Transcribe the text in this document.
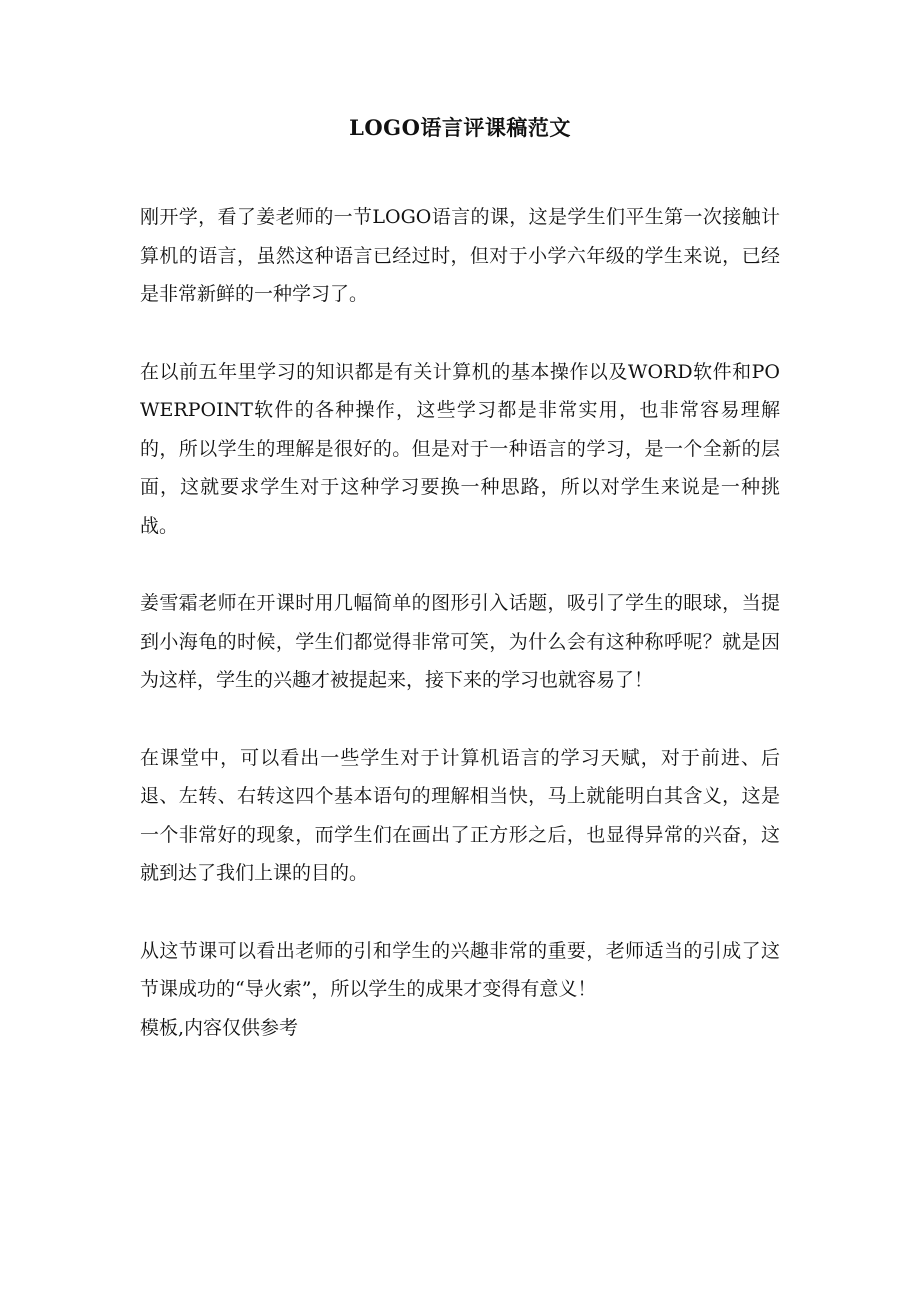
LOGO语言评课稿范文

刚开学，看了姜老师的一节LOGO语言的课，这是学生们平生第一次接触计算机的语言，虽然这种语言已经过时，但对于小学六年级的学生来说，已经是非常新鲜的一种学习了。

在以前五年里学习的知识都是有关计算机的基本操作以及WORD软件和POWERPOINT软件的各种操作，这些学习都是非常实用，也非常容易理解的，所以学生的理解是很好的。但是对于一种语言的学习，是一个全新的层面，这就要求学生对于这种学习要换一种思路，所以对学生来说是一种挑战。

姜雪霜老师在开课时用几幅简单的图形引入话题，吸引了学生的眼球，当提到小海龟的时候，学生们都觉得非常可笑，为什么会有这种称呼呢？就是因为这样，学生的兴趣才被提起来，接下来的学习也就容易了！

在课堂中，可以看出一些学生对于计算机语言的学习天赋，对于前进、后退、左转、右转这四个基本语句的理解相当快，马上就能明白其含义，这是一个非常好的现象，而学生们在画出了正方形之后，也显得异常的兴奋，这就到达了我们上课的目的。

从这节课可以看出老师的引和学生的兴趣非常的重要，老师适当的引成了这节课成功的“导火索”，所以学生的成果才变得有意义！

模板,内容仅供参考
